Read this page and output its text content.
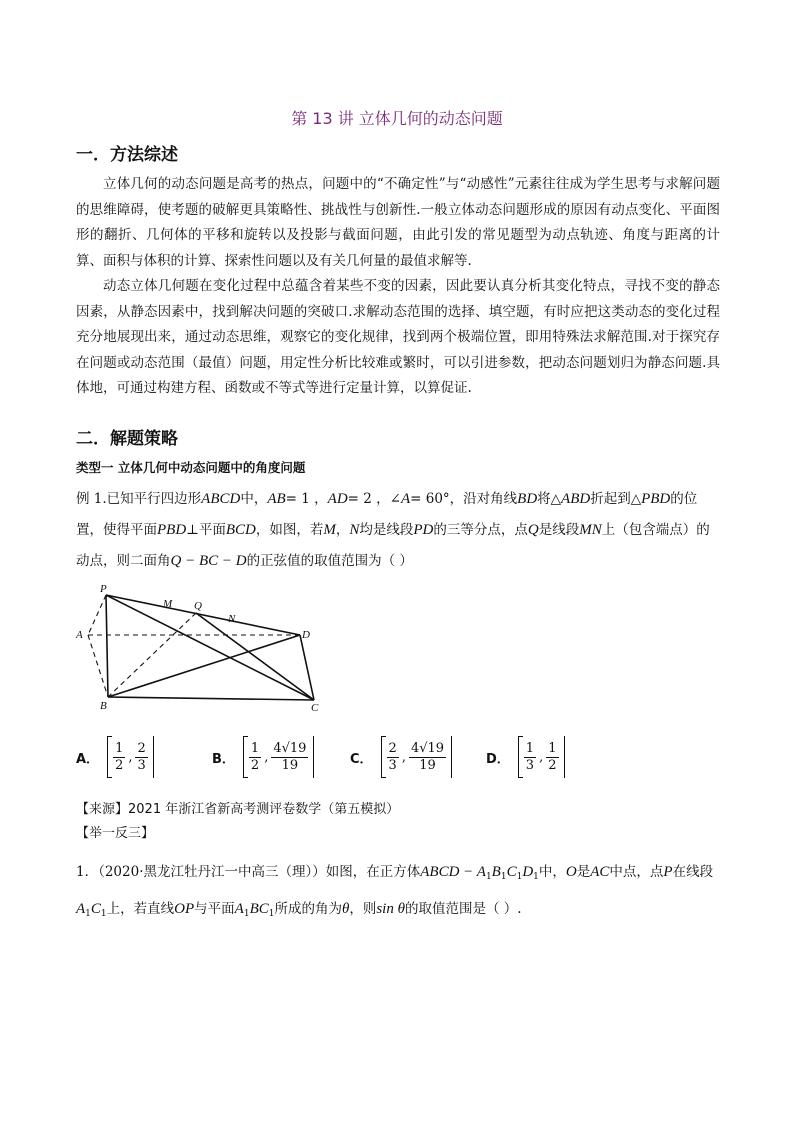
第 13 讲 立体几何的动态问题
一．方法综述

立体几何的动态问题是高考的热点，问题中的“不确定性”与“动感性”元素往往成为学生思考与求解问题的思维障碍，使考题的破解更具策略性、挑战性与创新性.一般立体动态问题形成的原因有动点变化、平面图形的翻折、几何体的平移和旋转以及投影与截面问题，由此引发的常见题型为动点轨迹、角度与距离的计算、面积与体积的计算、探索性问题以及有关几何量的最值求解等.

动态立体几何题在变化过程中总蕴含着某些不变的因素，因此要认真分析其变化特点，寻找不变的静态因素，从静态因素中，找到解决问题的突破口.求解动态范围的选择、填空题，有时应把这类动态的变化过程充分地展现出来，通过动态思维，观察它的变化规律，找到两个极端位置，即用特殊法求解范围.对于探究存在问题或动态范围（最值）问题，用定性分析比较难或繁时，可以引进参数，把动态问题划归为静态问题.具体地，可通过构建方程、函数或不等式等进行定量计算，以算促证.

二．解题策略
类型一 立体几何中动态问题中的角度问题

例 1.已知平行四边形ABCD中，AB= 1 ，AD= 2 ，∠A= 60°，沿对角线BD将△ABD折起到△PBD的位置，使得平面PBD⊥平面BCD，如图，若M，N均是线段PD的三等分点，点Q是线段MN上（包含端点）的动点，则二面角Q − BC − D的正弦值的取值范围为（ ）

P
M Q
N
A	D
B	C
A． $\frac{1}{2}$ , $\frac{2}{3}$	B． $\frac{1}{2}$ , $\frac{4√19}{19}$	C． $\frac{2}{3}$ , $\frac{4√19}{19}$	D． $\frac{1}{3}$ , $\frac{1}{2}$
【来源】2021 年浙江省新高考测评卷数学（第五模拟）
【举一反三】

1．（2020·黑龙江牡丹江一中高三（理））如图，在正方体ABCD − $A_1B_1C_1D_1$中，O是AC中点，点P在线段$A_1C_1$上，若直线OP与平面$A_1BC_1$所成的角为θ，则sin θ的取值范围是（ ）.
